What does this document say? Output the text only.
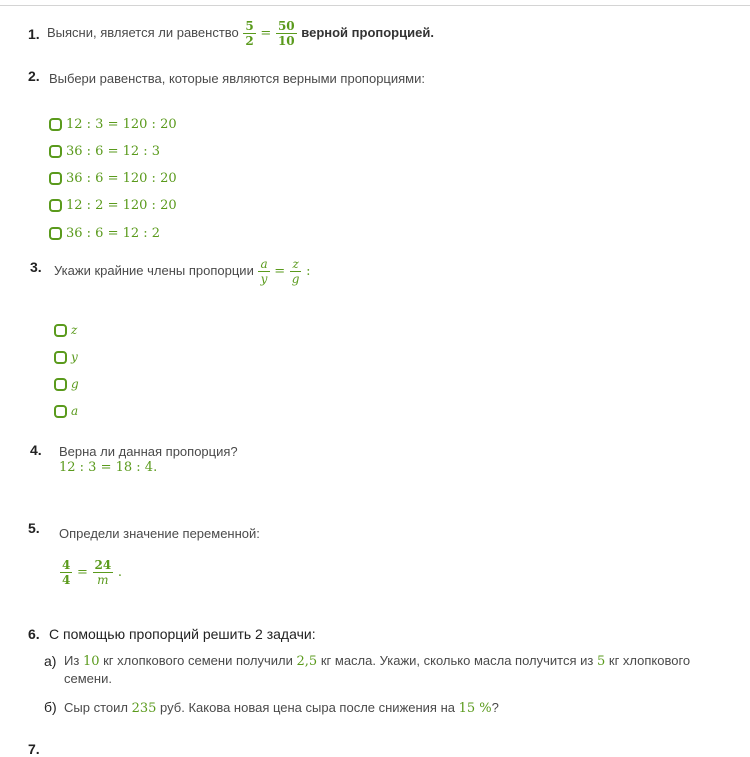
1. Выясни, является ли равенство $\frac{5}{2} = \frac{50}{10}$ верной пропорцией.
2. Выбери равенства, которые являются верными пропорциями:
12 : 3 = 120 : 20
36 : 6 = 12 : 3
36 : 6 = 120 : 20
12 : 2 = 120 : 20
36 : 6 = 12 : 2
3. Укажи крайние члены пропорции $\frac{a}{y} = \frac{z}{g}$ :
z
y
g
a
4. Верна ли данная пропорция?
12 : 3 = 18 : 4.
5. Определи значение переменной:
$\frac{4}{4} = \frac{24}{m}$ .
6. С помощью пропорций решить 2 задачи:
а) Из 10 кг хлопкового семени получили 2,5 кг масла. Укажи, сколько масла получится из 5 кг хлопкового
семени.
б) Сыр стоил 235 руб. Какова новая цена сыра после снижения на 15 %?
7.
